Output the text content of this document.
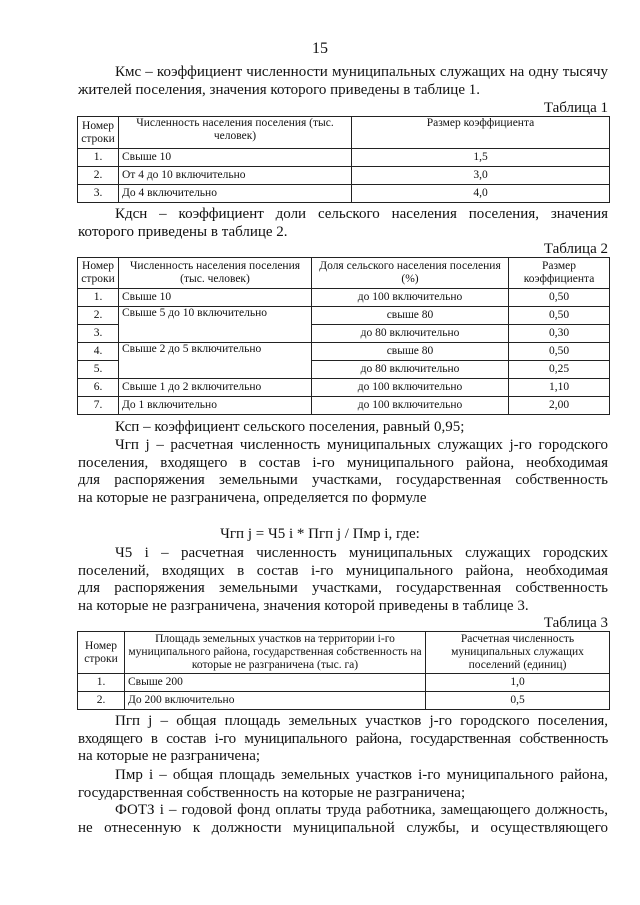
15
Кмс – коэффициент численности муниципальных служащих на одну тысячу
жителей поселения, значения которого приведены в таблице 1.
Таблица 1
Номер строки	Численность населения поселения (тыс. человек)	Размер коэффициента
1.	Свыше 10	1,5
2.	От 4 до 10 включительно	3,0
3.	До 4 включительно	4,0
Кдсн – коэффициент доли сельского населения поселения, значения
которого приведены в таблице 2.
Таблица 2
Номер строки	Численность населения поселения (тыс. человек)	Доля сельского населения поселения (%)	Размер коэффициента
1.	Свыше 10	до 100 включительно	0,50
2.	Свыше 5 до 10 включительно	свыше 80	0,50
3.		до 80 включительно	0,30
4.	Свыше 2 до 5 включительно	свыше 80	0,50
5.		до 80 включительно	0,25
6.	Свыше 1 до 2 включительно	до 100 включительно	1,10
7.	До 1 включительно	до 100 включительно	2,00
Ксп – коэффициент сельского поселения, равный 0,95;
Чгп j – расчетная численность муниципальных служащих j-го городского
поселения, входящего в состав i-го муниципального района, необходимая
для распоряжения земельными участками, государственная собственность
на которые не разграничена, определяется по формуле
Чгп j = Ч5 i * Пгп j / Пмр i, где:
Ч5 i – расчетная численность муниципальных служащих городских
поселений, входящих в состав i-го муниципального района, необходимая
для распоряжения земельными участками, государственная собственность
на которые не разграничена, значения которой приведены в таблице 3.
Таблица 3
Номер строки	Площадь земельных участков на территории i-го муниципального района, государственная собственность на которые не разграничена (тыс. га)	Расчетная численность муниципальных служащих поселений (единиц)
1.	Свыше 200	1,0
2.	До 200 включительно	0,5
Пгп j – общая площадь земельных участков j-го городского поселения,
входящего в состав i-го муниципального района, государственная собственность
на которые не разграничена;
Пмр i – общая площадь земельных участков i-го муниципального района,
государственная собственность на которые не разграничена;
ФОТЗ i – годовой фонд оплаты труда работника, замещающего должность,
не отнесенную к должности муниципальной службы, и осуществляющего
